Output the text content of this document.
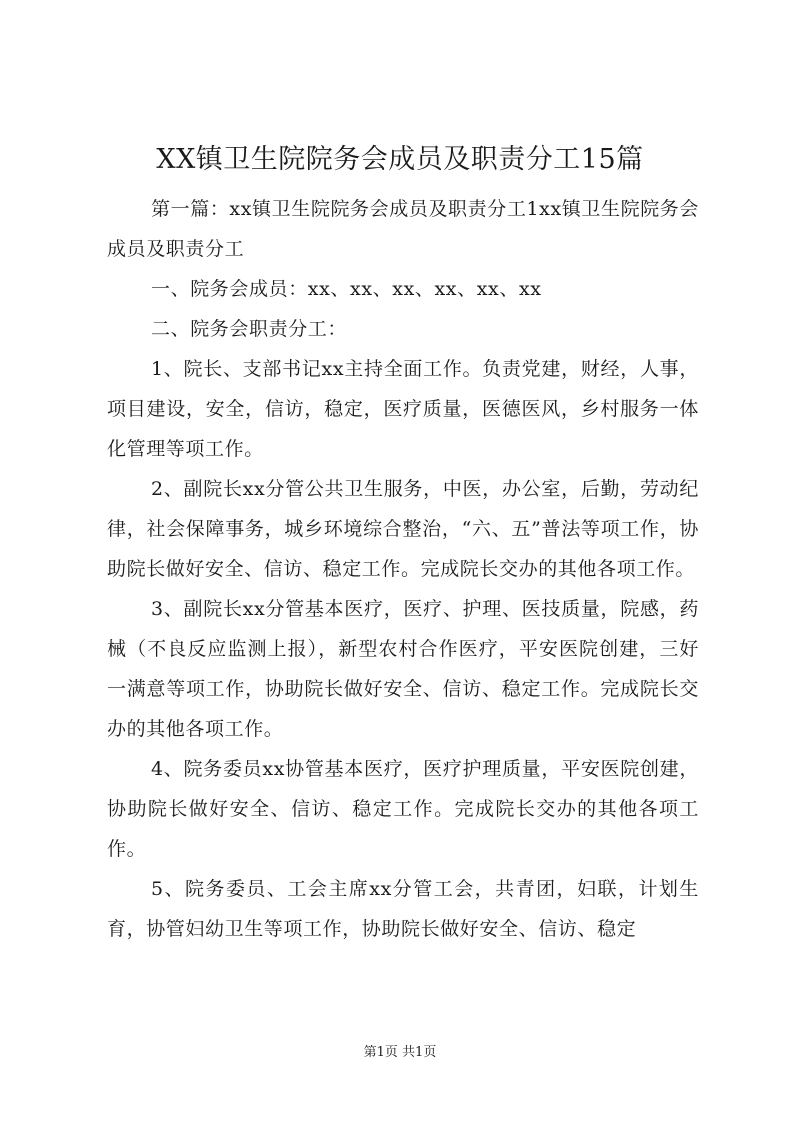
XX镇卫生院院务会成员及职责分工15篇

第一篇：xx镇卫生院院务会成员及职责分工1xx镇卫生院院务会成员及职责分工

一、院务会成员：xx、xx、xx、xx、xx、xx

二、院务会职责分工：

1、院长、支部书记xx主持全面工作。负责党建，财经，人事，项目建设，安全，信访，稳定，医疗质量，医德医风，乡村服务一体化管理等项工作。

2、副院长xx分管公共卫生服务，中医，办公室，后勤，劳动纪律，社会保障事务，城乡环境综合整治，“六、五”普法等项工作，协助院长做好安全、信访、稳定工作。完成院长交办的其他各项工作。

3、副院长xx分管基本医疗，医疗、护理、医技质量，院感，药械（不良反应监测上报），新型农村合作医疗，平安医院创建，三好一满意等项工作，协助院长做好安全、信访、稳定工作。完成院长交办的其他各项工作。

4、院务委员xx协管基本医疗，医疗护理质量，平安医院创建，协助院长做好安全、信访、稳定工作。完成院长交办的其他各项工作。

5、院务委员、工会主席xx分管工会，共青团，妇联，计划生育，协管妇幼卫生等项工作，协助院长做好安全、信访、稳定

第1页 共1页
